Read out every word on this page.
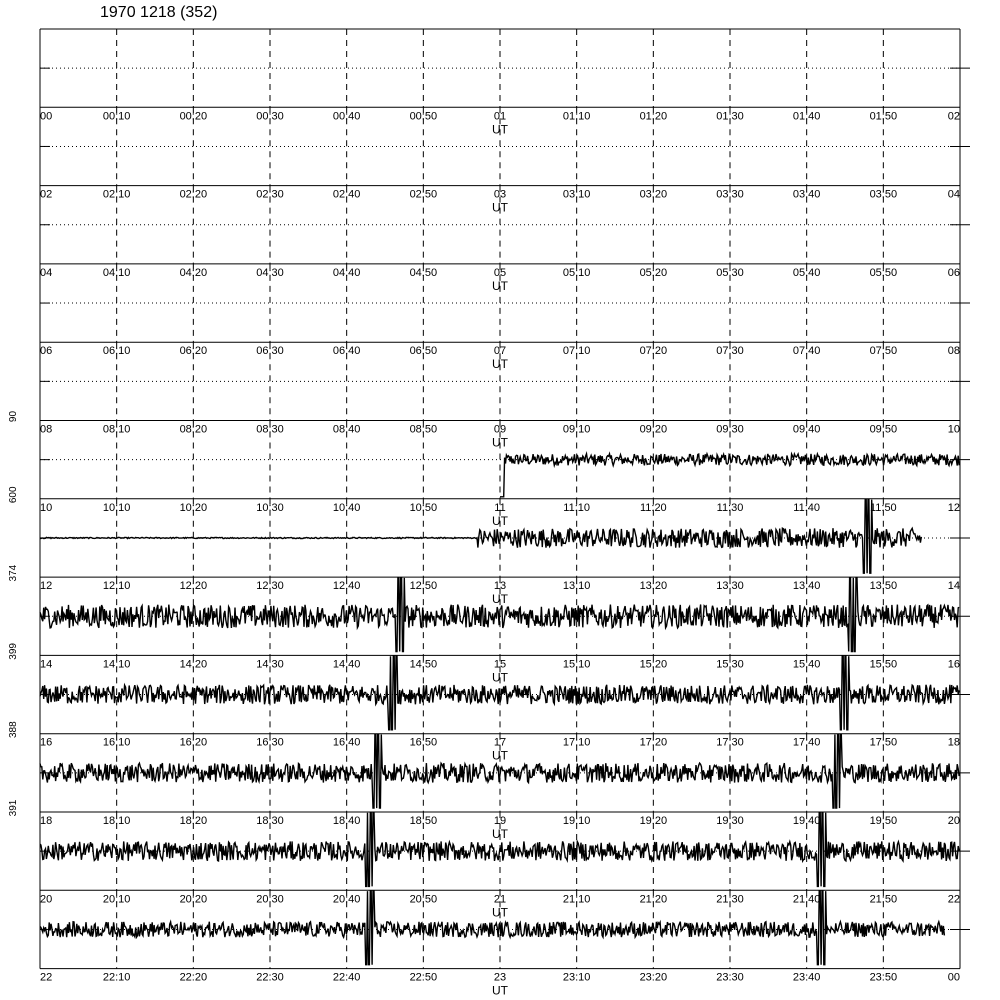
1970 1218 (352)
00	00:10	00:20	00:30	00:40	00:50	01	01:10	01:20	01:30	01:40	01:50	02
UT
02	02:10	02:20	02:30	02:40	02:50	03	03:10	03:20	03:30	03:40	03:50	04
UT
04	04:10	04:20	04:30	04:40	04:50	05	05:10	05:20	05:30	05:40	05:50	06
UT
06	06:10	06:20	06:30	06:40	06:50	07	07:10	07:20	07:30	07:40	07:50	08
UT
08	08:10	08:20	08:30	08:40	08:50	09	09:10	09:20	09:30	09:40	09:50	10
UT
10	10:10	10:20	10:30	10:40	10:50	11	11:10	11:20	11:30	11:40	11:50	12
UT
90
12	12:10	12:20	12:30	12:40	12:50	13	13:10	13:20	13:30	13:40	13:50	14
UT
600
14	14:10	14:20	14:30	14:40	14:50	15	15:10	15:20	15:30	15:40	15:50	16
UT
374
16	16:10	16:20	16:30	16:40	16:50	17	17:10	17:20	17:30	17:40	17:50	18
UT
399
18	18:10	18:20	18:30	18:40	18:50	19	19:10	19:20	19:30	19:40	19:50	20
UT
388
20	20:10	20:20	20:30	20:40	20:50	21	21:10	21:20	21:30	21:40	21:50	22
UT
391
22	22:10	22:20	22:30	22:40	22:50	23	23:10	23:20	23:30	23:40	23:50	00
UT
